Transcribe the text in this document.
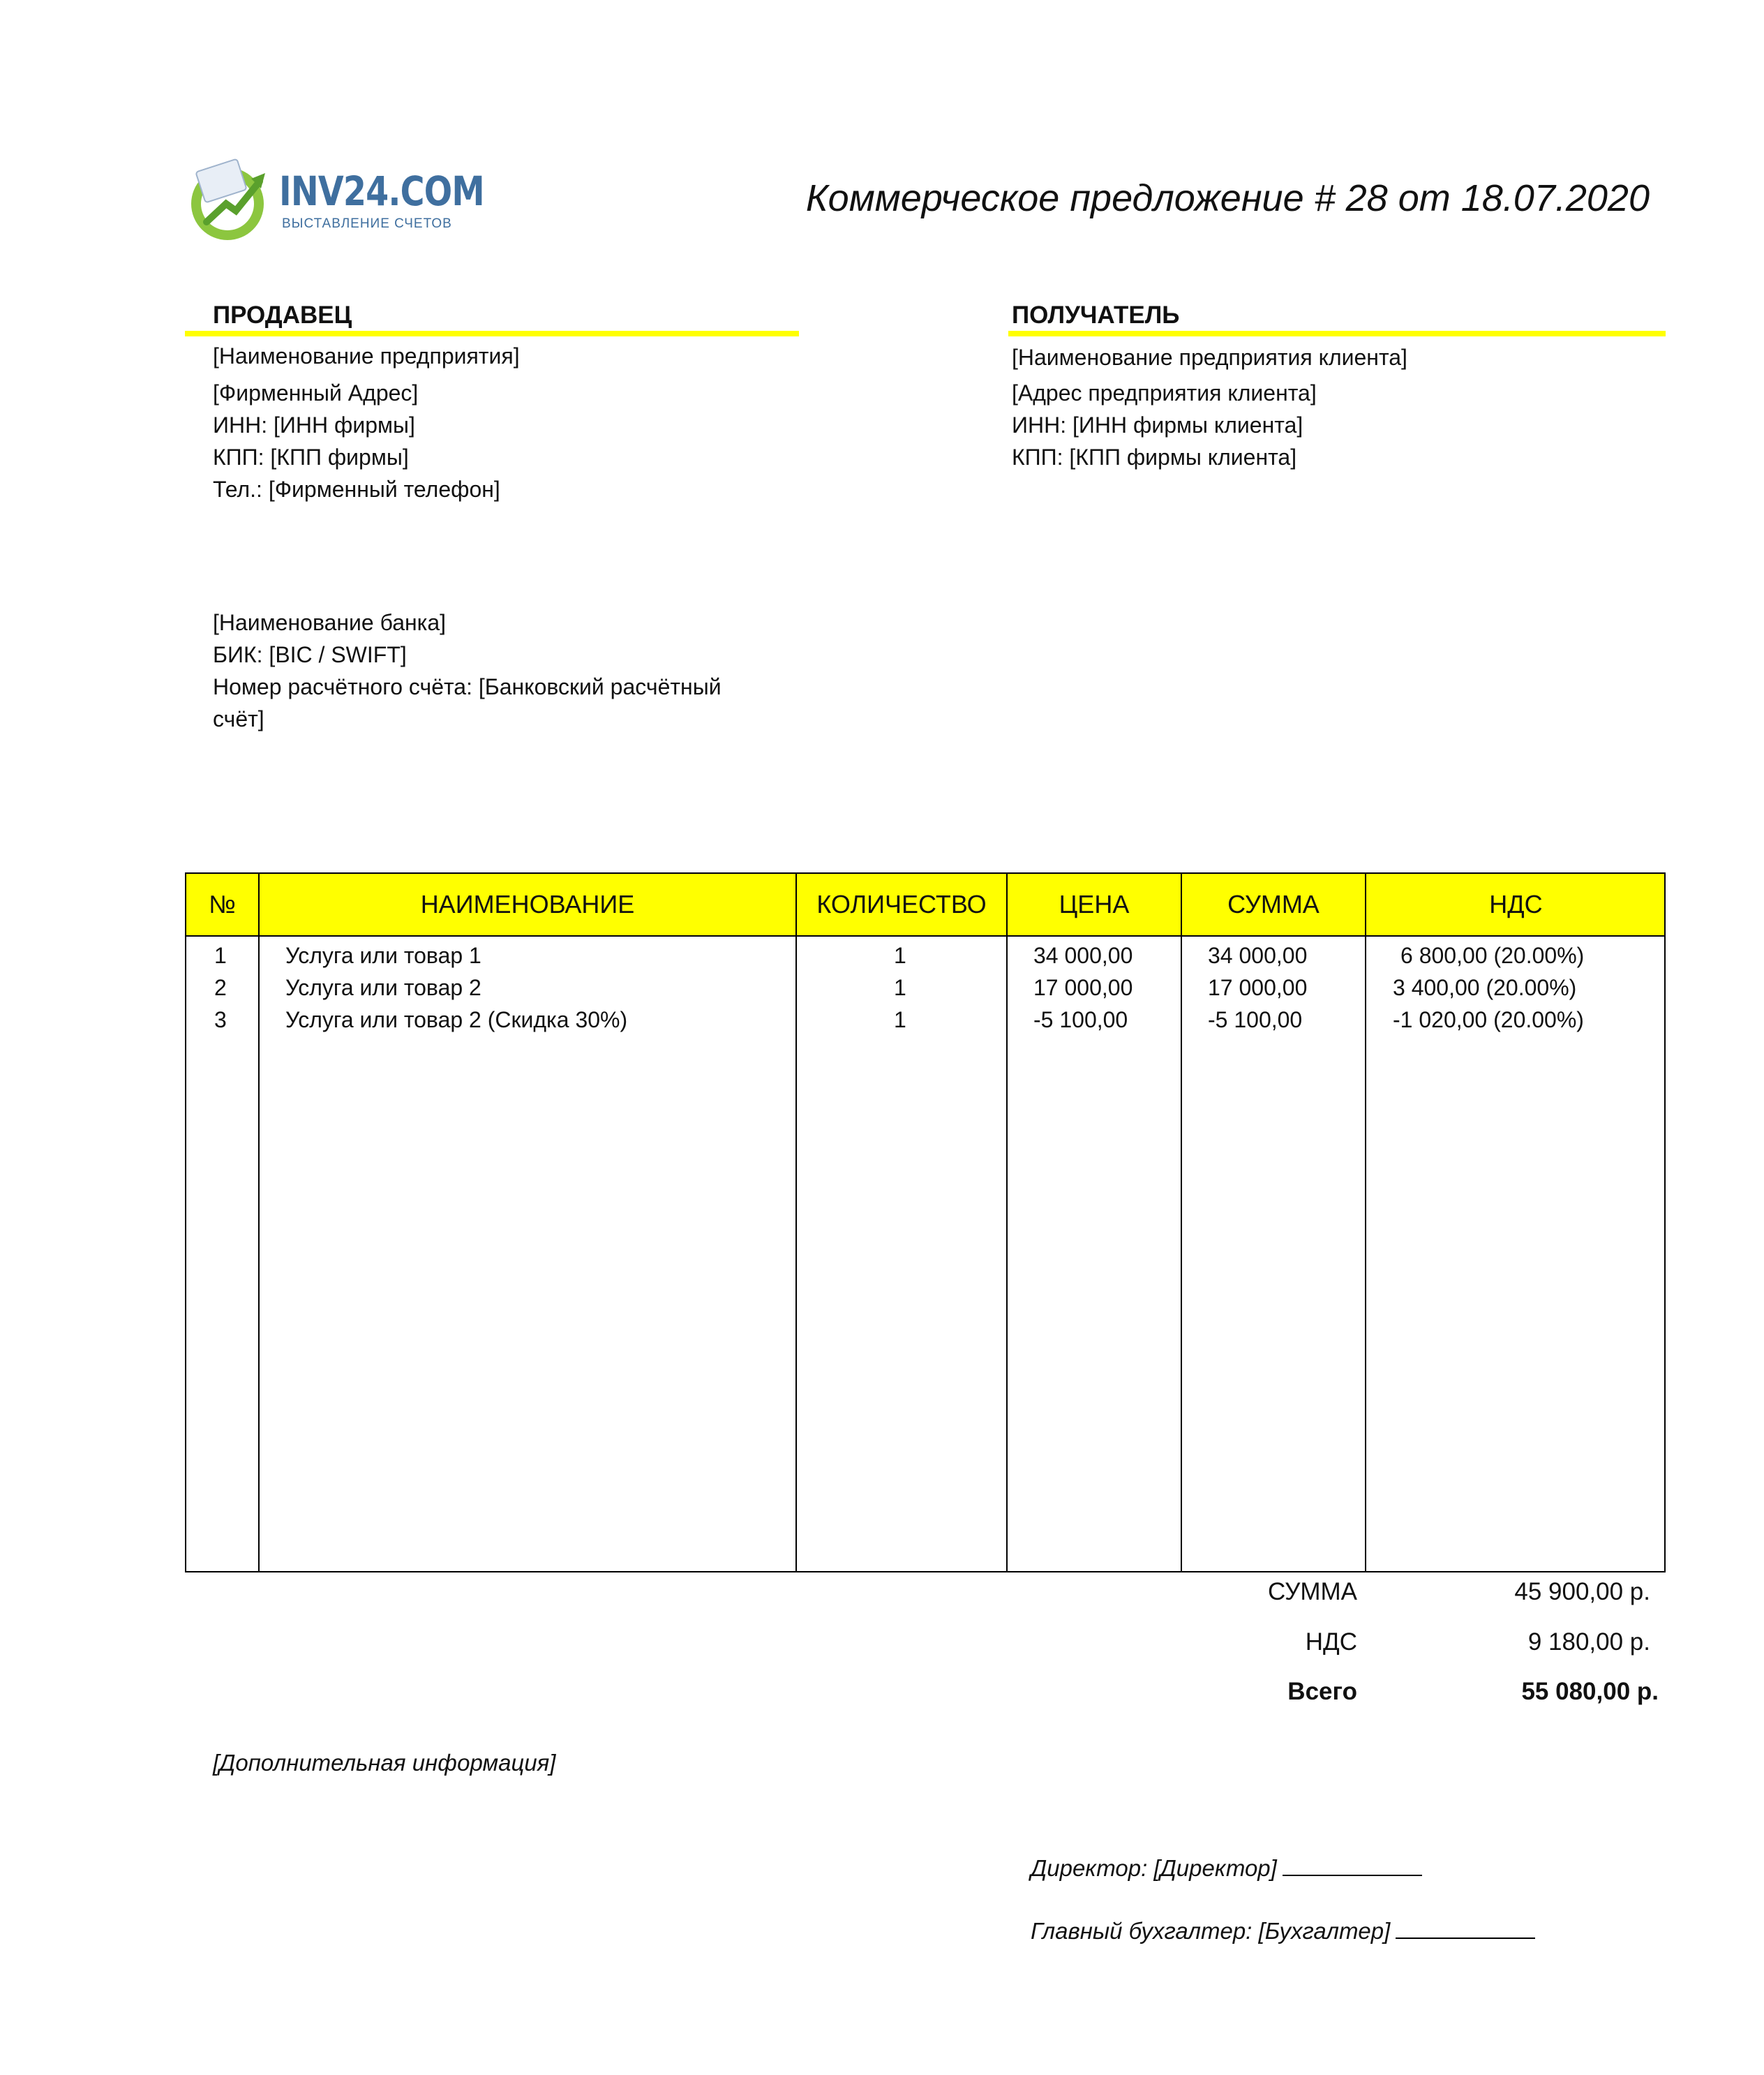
INV24.COM
ВЫСТАВЛЕНИЕ СЧЕТОВ
Коммерческое предложение # 28 от 18.07.2020
ПРОДАВЕЦ
[Наименование предприятия]
[Фирменный Адрес]
ИНН: [ИНН фирмы]
КПП: [КПП фирмы]
Тел.: [Фирменный телефон]
[Наименование банка]
БИК: [BIC / SWIFT]
Номер расчётного счёта: [Банковский расчётный
счёт]
ПОЛУЧАТЕЛЬ
[Наименование предприятия клиента]
[Адрес предприятия клиента]
ИНН: [ИНН фирмы клиента]
КПП: [КПП фирмы клиента]
№	НАИМЕНОВАНИЕ	КОЛИЧЕСТВО	ЦЕНА	СУММА	НДС
1	Услуга или товар 1	1	34 000,00	34 000,00	6 800,00 (20.00%)
2	Услуга или товар 2	1	17 000,00	17 000,00	3 400,00 (20.00%)
3	Услуга или товар 2 (Скидка 30%)	1	-5 100,00	-5 100,00	-1 020,00 (20.00%)
СУММА	45 900,00 р.
НДС	9 180,00 р.
Всего	55 080,00 р.
[Дополнительная информация]
Директор: [Директор]
Главный бухгалтер: [Бухгалтер]
